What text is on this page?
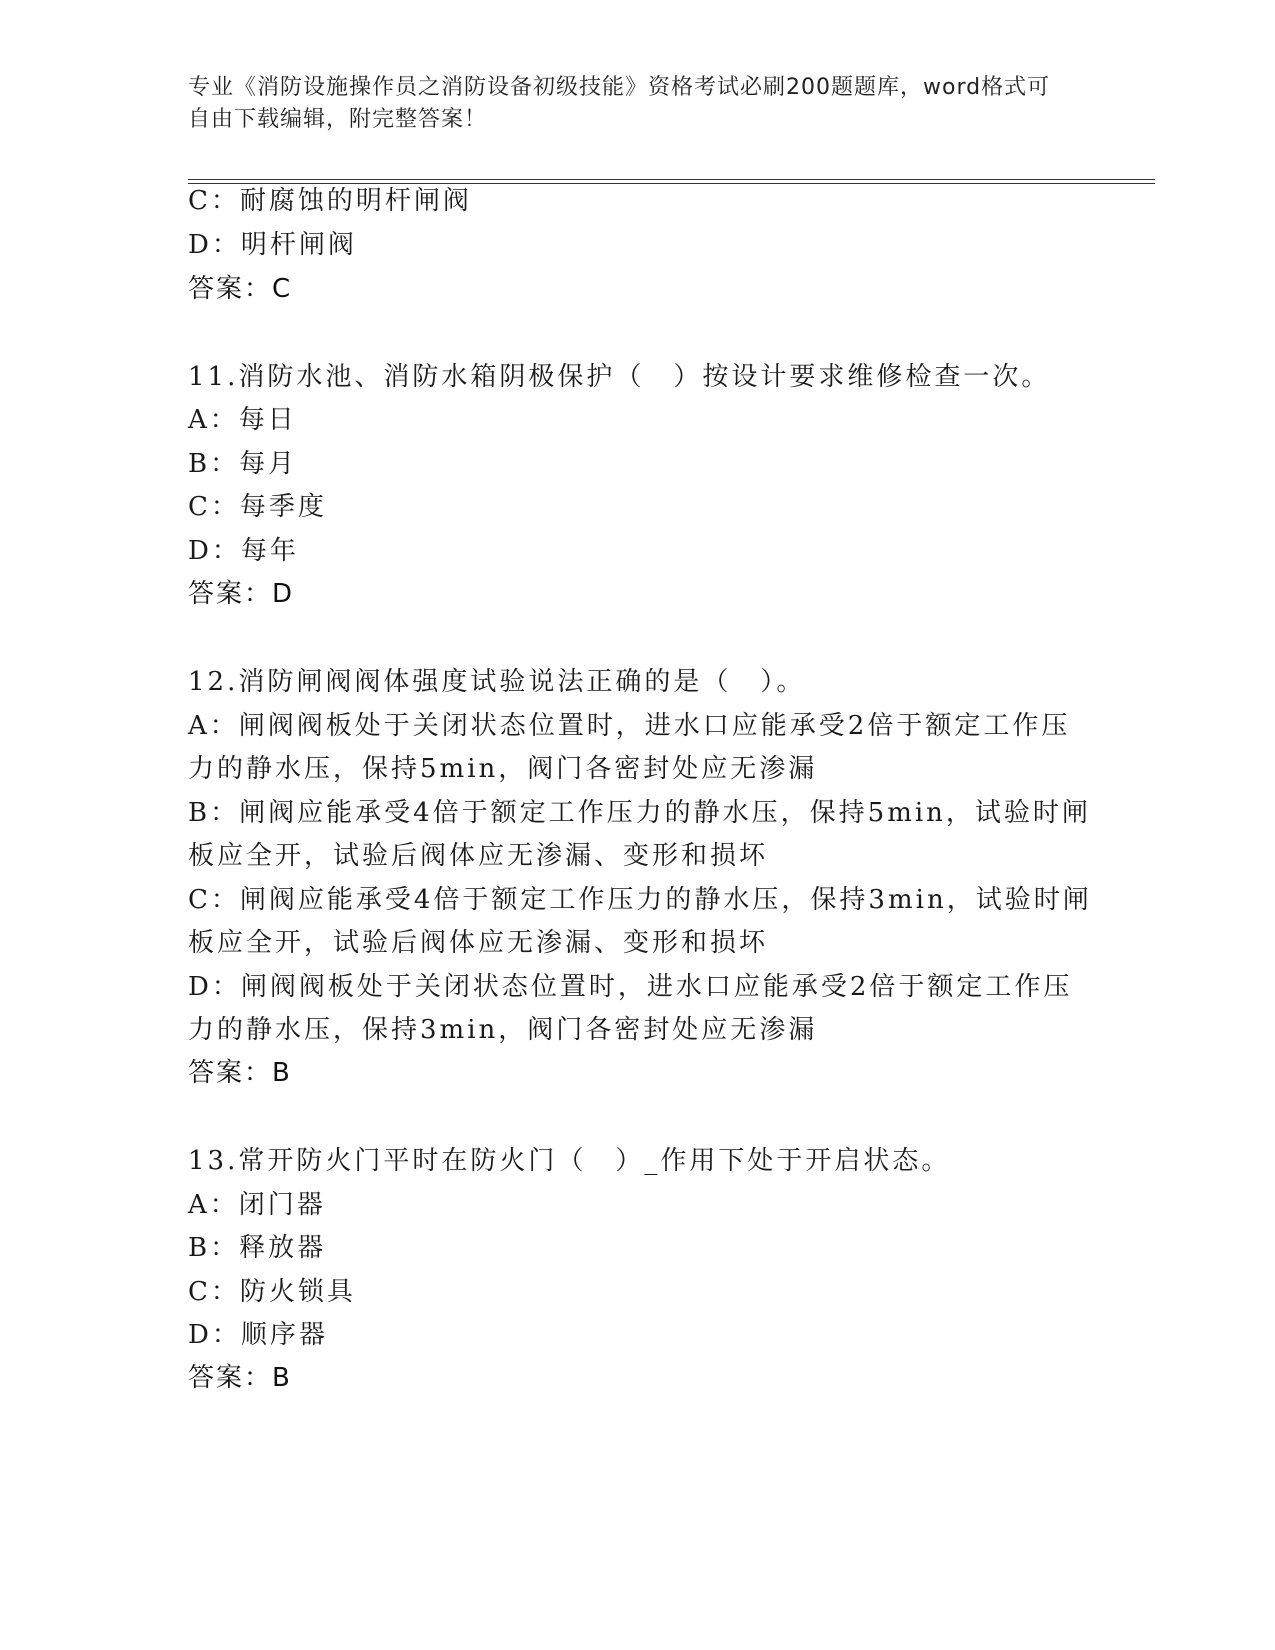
专业《消防设施操作员之消防设备初级技能》资格考试必刷200题题库，word格式可自由下载编辑，附完整答案！
C：耐腐蚀的明杆闸阀
D：明杆闸阀
答案：C
11.消防水池、消防水箱阴极保护（　）按设计要求维修检查一次。
A：每日
B：每月
C：每季度
D：每年
答案：D
12.消防闸阀阀体强度试验说法正确的是（　）。
A：闸阀阀板处于关闭状态位置时，进水口应能承受2倍于额定工作压
力的静水压，保持5min，阀门各密封处应无渗漏
B：闸阀应能承受4倍于额定工作压力的静水压，保持5min，试验时闸
板应全开，试验后阀体应无渗漏、变形和损坏
C：闸阀应能承受4倍于额定工作压力的静水压，保持3min，试验时闸
板应全开，试验后阀体应无渗漏、变形和损坏
D：闸阀阀板处于关闭状态位置时，进水口应能承受2倍于额定工作压
力的静水压，保持3min，阀门各密封处应无渗漏
答案：B
13.常开防火门平时在防火门（　）_作用下处于开启状态。
A：闭门器
B：释放器
C：防火锁具
D：顺序器
答案：B
